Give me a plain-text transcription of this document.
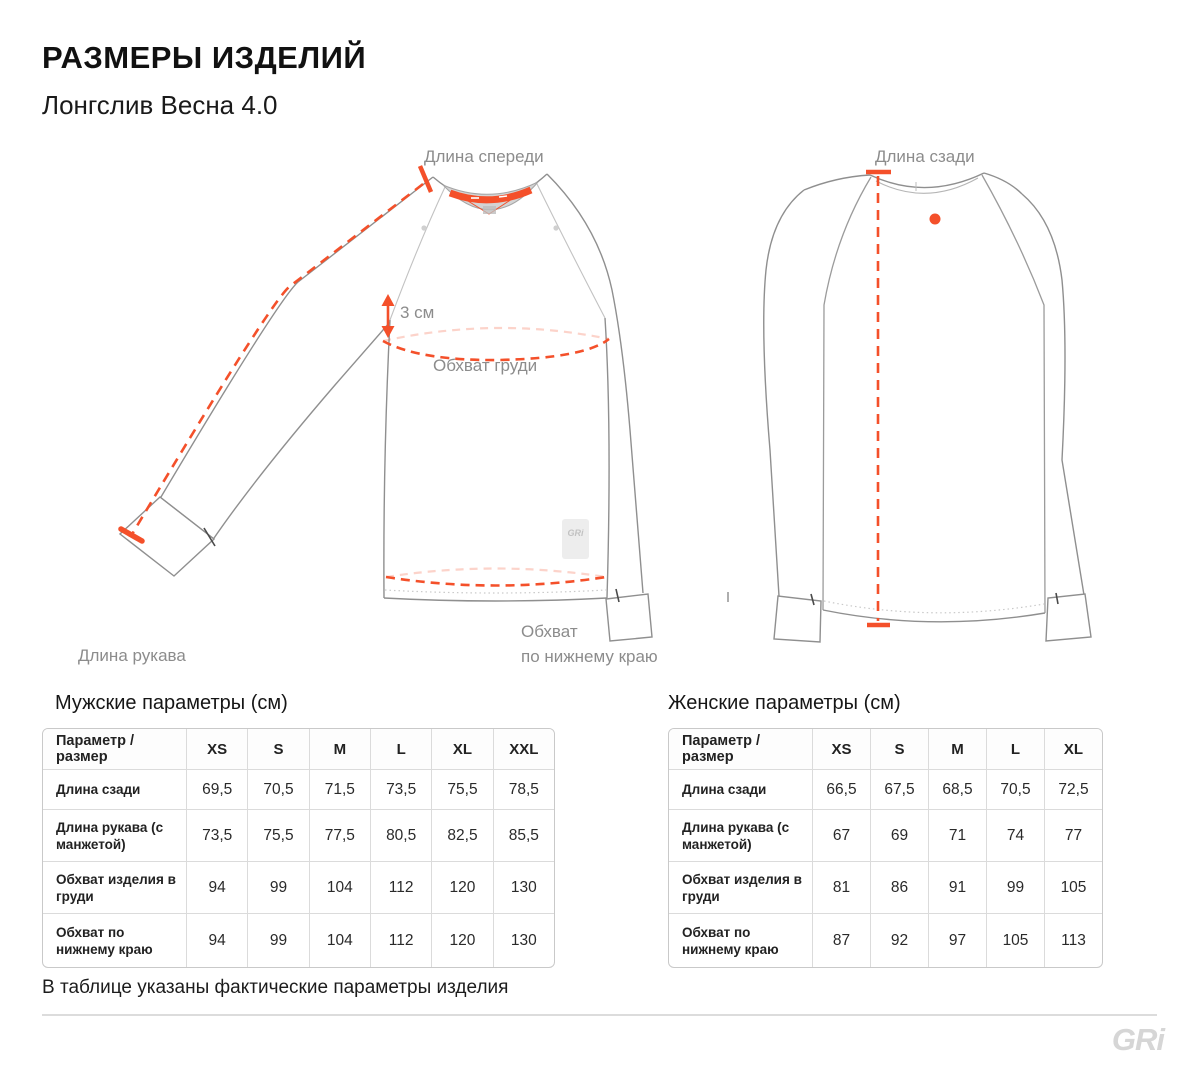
РАЗМЕРЫ ИЗДЕЛИЙ
Лонгслив Весна 4.0
GRi
Длина спереди	Длина сзади
Обхват груди
3 см
Длина рукава
Обхват
по нижнему краю
Мужские параметры (см)	Женские параметры (см)
Параметр / размер	XS	S	M	L	XL	XXL
Длина сзади	69,5	70,5	71,5	73,5	75,5	78,5
Длина рукава (с манжетой)	73,5	75,5	77,5	80,5	82,5	85,5
Обхват изделия в груди	94	99	104	112	120	130
Обхват по нижнему краю	94	99	104	112	120	130
Параметр / размер	XS	S	M	L	XL
Длина сзади	66,5	67,5	68,5	70,5	72,5
Длина рукава (с манжетой)	67	69	71	74	77
Обхват изделия в груди	81	86	91	99	105
Обхват по нижнему краю	87	92	97	105	113
В таблице указаны фактические параметры изделия
GRi
